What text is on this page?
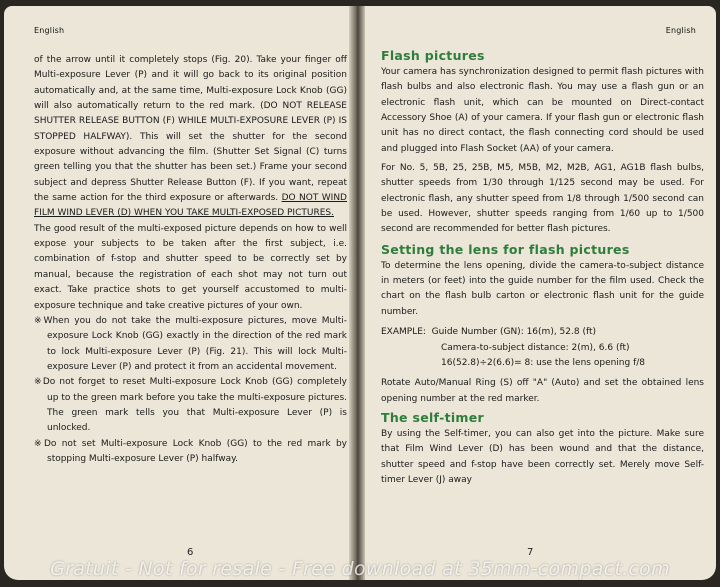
English

of the arrow until it completely stops (Fig. 20). Take your finger off Multi-exposure Lever (P) and it will go back to its original position automatically and, at the same time, Multi-exposure Lock Knob (GG) will also automatically return to the red mark. (DO NOT RELEASE SHUTTER RELEASE BUTTON (F) WHILE MULTI-EXPOSURE LEVER (P) IS STOPPED HALFWAY). This will set the shutter for the second exposure without advancing the film. (Shutter Set Signal (C) turns green telling you that the shutter has been set.) Frame your second subject and depress Shutter Release Button (F). If you want, repeat the same action for the third exposure or afterwards. DO NOT WIND FILM WIND LEVER (D) WHEN YOU TAKE MULTI-EXPOSED PICTURES.

The good result of the multi-exposed picture depends on how to well expose your subjects to be taken after the first subject, i.e. combination of f-stop and shutter speed to be correctly set by manual, because the registration of each shot may not turn out exact. Take practice shots to get yourself accustomed to multi-exposure technique and take creative pictures of your own.

※When you do not take the multi-exposure pictures, move Multi-exposure Lock Knob (GG) exactly in the direction of the red mark to lock Multi-exposure Lever (P) (Fig. 21). This will lock Multi-exposure Lever (P) and protect it from an accidental movement.

※Do not forget to reset Multi-exposure Lock Knob (GG) completely up to the green mark before you take the multi-exposure pictures. The green mark tells you that Multi-exposure Lever (P) is unlocked.

※Do not set Multi-exposure Lock Knob (GG) to the red mark by stopping Multi-exposure Lever (P) halfway.

6
English
Flash pictures

Your camera has synchronization designed to permit flash pictures with flash bulbs and also electronic flash. You may use a flash gun or an electronic flash unit, which can be mounted on Direct-contact Accessory Shoe (A) of your camera. If your flash gun or electronic flash unit has no direct contact, the flash connecting cord should be used and plugged into Flash Socket (AA) of your camera.

For No. 5, 5B, 25, 25B, M5, M5B, M2, M2B, AG1, AG1B flash bulbs, shutter speeds from 1/30 through 1/125 second may be used. For electronic flash, any shutter speed from 1/8 through 1/500 second can be used. However, shutter speeds ranging from 1/60 up to 1/500 second are recommended for better flash pictures.

Setting the lens for flash pictures

To determine the lens opening, divide the camera-to-subject distance in meters (or feet) into the guide number for the film used. Check the chart on the flash bulb carton or electronic flash unit for the guide number.

EXAMPLE:  Guide Number (GN): 16(m), 52.8 (ft)

Camera-to-subject distance: 2(m), 6.6 (ft)

16(52.8)÷2(6.6)= 8: use the lens opening f/8

Rotate Auto/Manual Ring (S) off "A" (Auto) and set the obtained lens opening number at the red marker.

The self-timer

By using the Self-timer, you can also get into the picture. Make sure that Film Wind Lever (D) has been wound and that the distance, shutter speed and f-stop have been correctly set. Merely move Self-timer Lever (J) away

7
Gratuit - Not for resale - Free download at 35mm-compact.com
